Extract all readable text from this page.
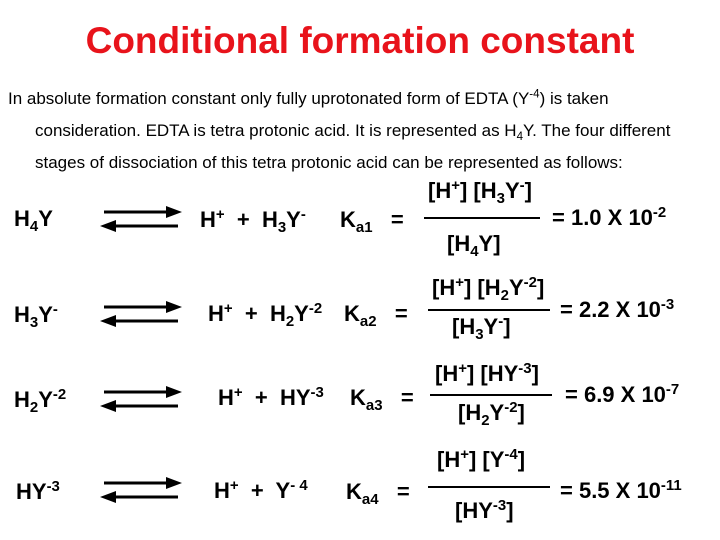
Conditional formation constant
In absolute formation constant only fully uprotonated form of EDTA $(Y^{-4})$ is taken
consideration. EDTA is tetra protonic acid. It is represented as $H_4Y$. The four different
stages of dissociation of this tetra protonic acid can be represented as follows:
$H_4Y$	$H^+ + H_3Y^-$ $K_{a1}$ =
[H+] $[H_3Y^-]$
$[H_4Y]$
= 1.0 X $10^{-2}$
$H_3Y^-$	$H^+ + H_2Y^{-2}$ $K_{a2}$ =
[H+] $[H_2Y^{-2}]$
$[H_3Y^-]$
= 2.2 X $10^{-3}$
$H_2Y^{-2}$	$H^+ + HY^{-3}$ $K_{a3}$ =
[H+] $[HY^{-3}]$
$[H_2Y^{-2}]$
= 6.9 X $10^{-7}$
$HY^{-3}$	$H^+ + Y^{- 4}$ $K_{a4}$ =
[H+] $[Y^{-4}]$
$[HY^{-3}]$
= 5.5 X $10^{-11}$
